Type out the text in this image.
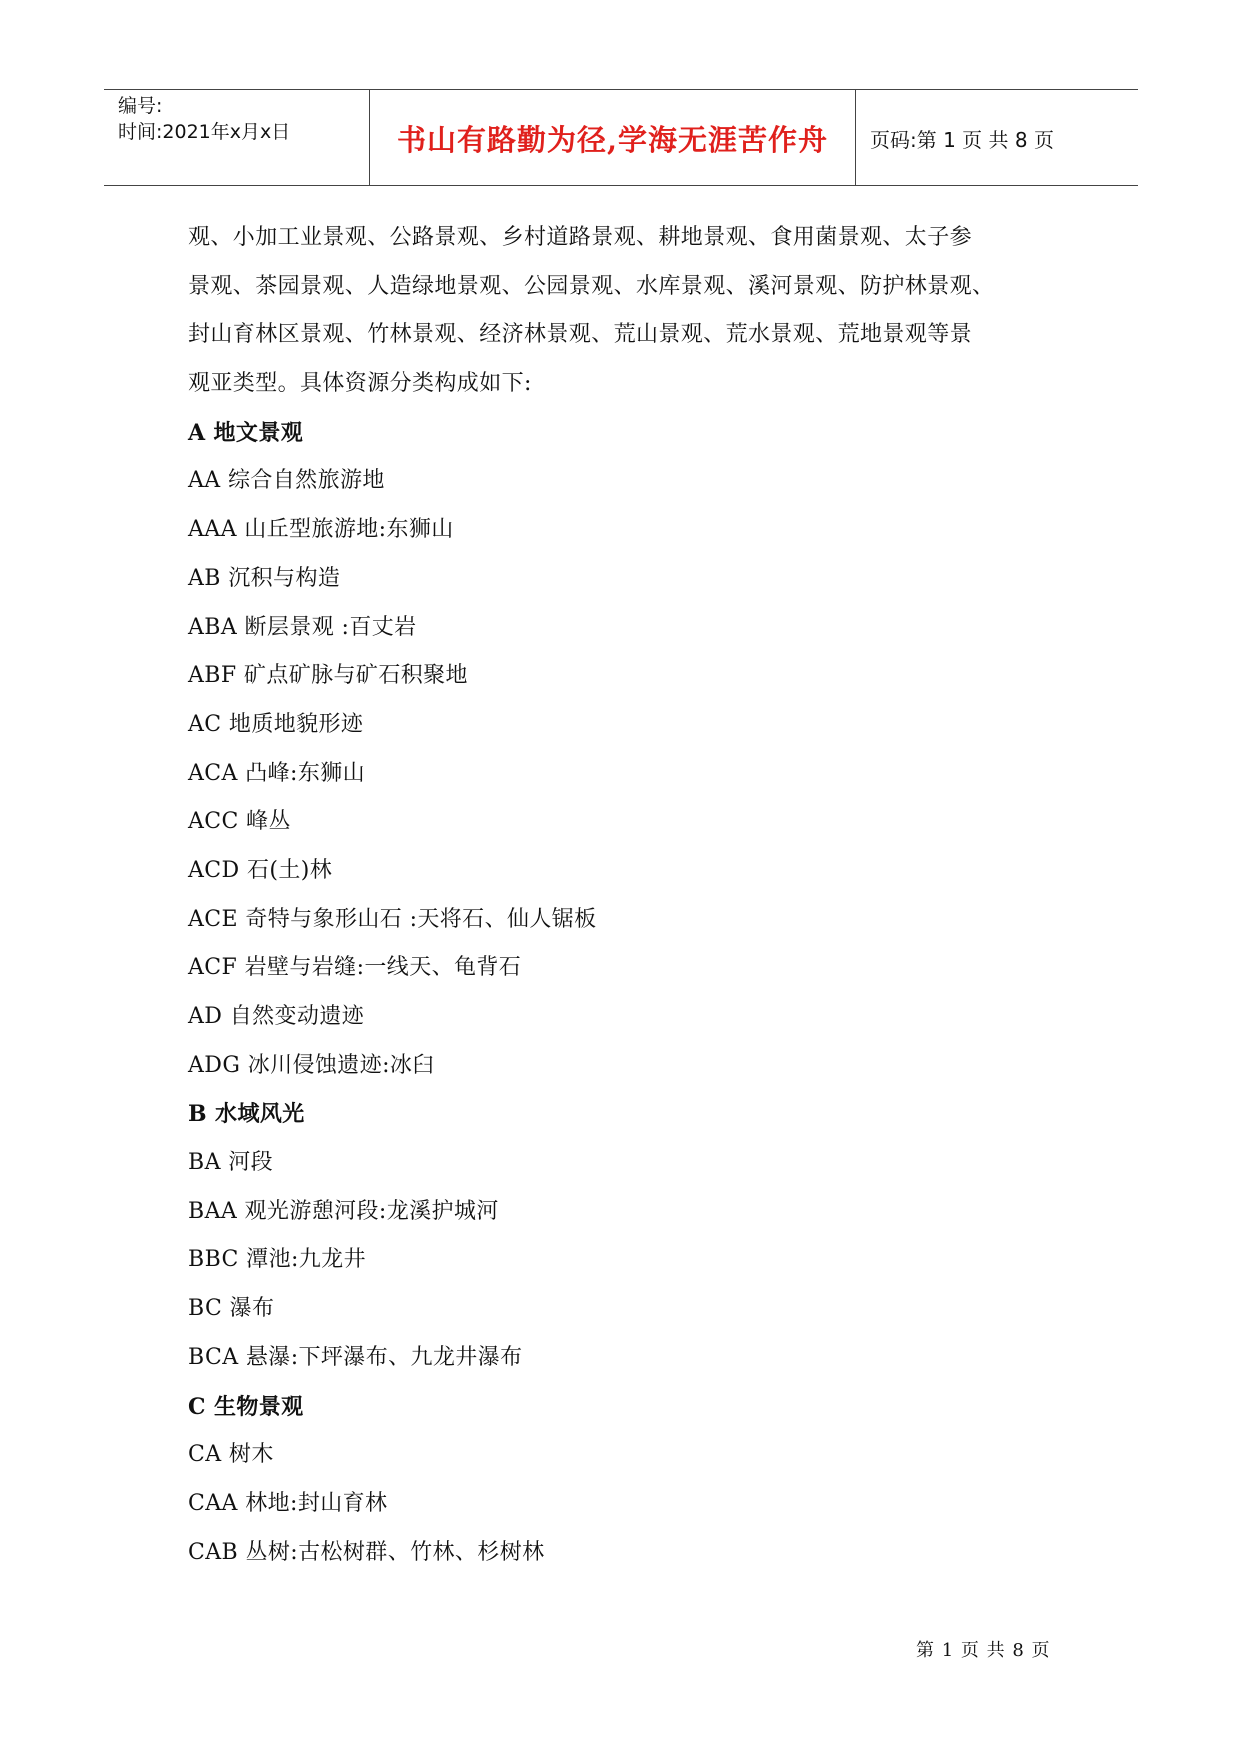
编号:
时间:2021年x月x日	书山有路勤为径,学海无涯苦作舟	页码:第 1 页 共 8 页
观、小加工业景观、公路景观、乡村道路景观、耕地景观、食用菌景观、太子参
景观、茶园景观、人造绿地景观、公园景观、水库景观、溪河景观、防护林景观、
封山育林区景观、竹林景观、经济林景观、荒山景观、荒水景观、荒地景观等景
观亚类型。具体资源分类构成如下:
A 地文景观
AA 综合自然旅游地
AAA 山丘型旅游地:东狮山
AB 沉积与构造
ABA 断层景观 :百丈岩
ABF 矿点矿脉与矿石积聚地
AC 地质地貌形迹
ACA 凸峰:东狮山
ACC 峰丛
ACD 石(土)林
ACE 奇特与象形山石 :天将石、仙人锯板
ACF 岩壁与岩缝:一线天、龟背石
AD 自然变动遗迹
ADG 冰川侵蚀遗迹:冰臼
B 水域风光
BA 河段
BAA 观光游憩河段:龙溪护城河
BBC 潭池:九龙井
BC 瀑布
BCA 悬瀑:下坪瀑布、九龙井瀑布
C 生物景观
CA 树木
CAA 林地:封山育林
CAB 丛树:古松树群、竹林、杉树林
第 1 页 共 8 页
